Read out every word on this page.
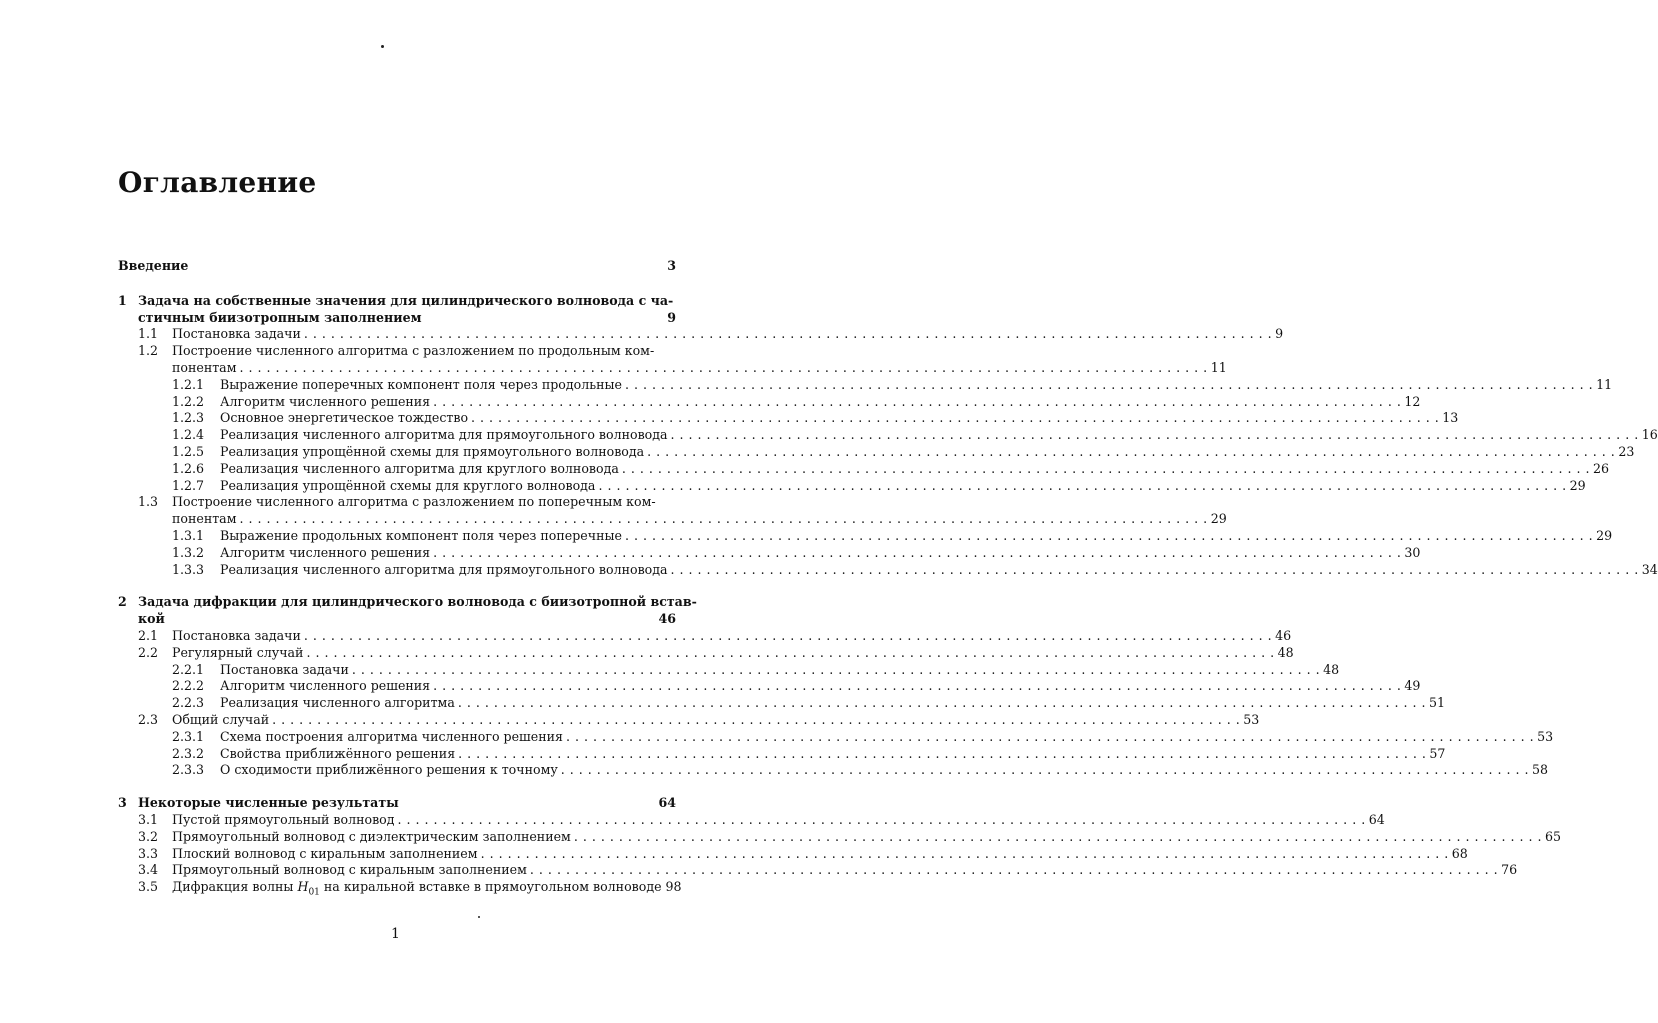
Оглавление
Введение	3
1 Задача на собственные значения для цилиндрического волновода с ча-
стичным биизотропным заполнением	9
1.1	Постановка задачи . . .	9
1.2	Построение численного алгоритма с разложением по продольным ком-
понентам . . .	11
1.2.1	Выражение поперечных компонент поля через продольные . . .	11
1.2.2	Алгоритм численного решения . . .	12
1.2.3	Основное энергетическое тождество . . .	13
1.2.4	Реализация численного алгоритма для прямоугольного волновода . . .	16
1.2.5	Реализация упрощённой схемы для прямоугольного волновода . . .	23
1.2.6	Реализация численного алгоритма для круглого волновода . . .	26
1.2.7	Реализация упрощённой схемы для круглого волновода . . .	29
1.3	Построение численного алгоритма с разложением по поперечным ком-
понентам . . .	29
1.3.1	Выражение продольных компонент поля через поперечные . . .	29
1.3.2	Алгоритм численного решения . . .	30
1.3.3	Реализация численного алгоритма для прямоугольного волновода . . .	34
2 Задача дифракции для цилиндрического волновода с биизотропной встав-
кой	46
2.1	Постановка задачи . . .	46
2.2	Регулярный случай . . .	48
2.2.1	Постановка задачи . . .	48
2.2.2	Алгоритм численного решения . . .	49
2.2.3	Реализация численного алгоритма . . .	51
2.3	Общий случай . . .	53
2.3.1	Схема построения алгоритма численного решения . . .	53
2.3.2	Свойства приближённого решения . . .	57
2.3.3	О сходимости приближённого решения к точному . . .	58
3 Некоторые численные результаты	64
3.1	Пустой прямоугольный волновод . . .	64
3.2	Прямоугольный волновод с диэлектрическим заполнением . . .	65
3.3	Плоский волновод с киральным заполнением . . .	68
3.4	Прямоугольный волновод с киральным заполнением . . .	76
3.5	Дифракция волны $H_{01}$ на киральной вставке в прямоугольном волноводе 98
1
